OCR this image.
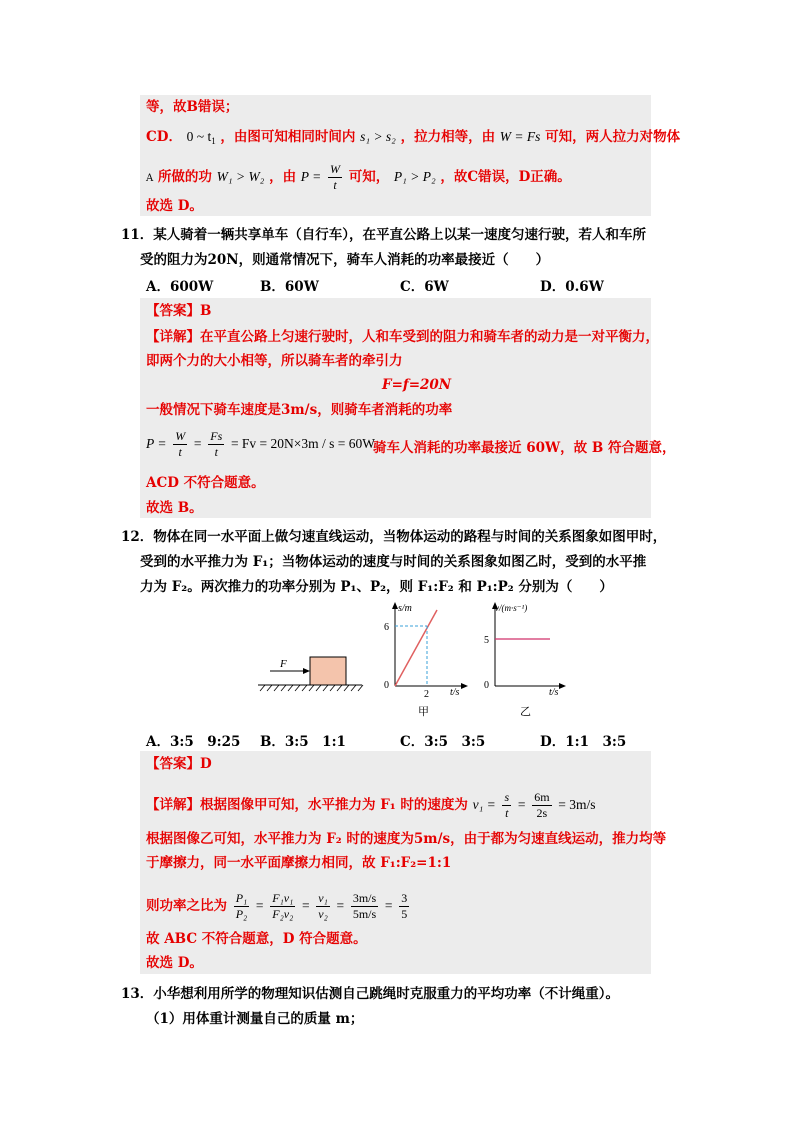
等，故B错误；
CD． 0 ~ $t_1$ ，由图可知相同时间内 s₁ > s₂ ，拉力相等，由 W = Fs 可知，两人拉力对物体
A 所做的功 W₁ > W₂ ，由 $P = \frac{W}{t}$ 可知， P₁ > P₂ ，故C错误，D正确。
故选 D。
11．某人骑着一辆共享单车（自行车），在平直公路上以某一速度匀速行驶，若人和车所
受的阻力为20N，则通常情况下，骑车人消耗的功率最接近（　　）
A．600W	B．60W	C．6W	D．0.6W
【答案】B
【详解】在平直公路上匀速行驶时，人和车受到的阻力和骑车者的动力是一对平衡力，
即两个力的大小相等，所以骑车者的牵引力
F=f=20N
一般情况下骑车速度是3m/s，则骑车者消耗的功率
$P = \frac{W}{t} = \frac{Fs}{t} = Fv = 20N\times 3m / s = 60W$
骑车人消耗的功率最接近 60W，故 B 符合题意，
ACD 不符合题意。
故选 B。
12．物体在同一水平面上做匀速直线运动，当物体运动的路程与时间的关系图象如图甲时，
受到的水平推力为 F₁；当物体运动的速度与时间的关系图象如图乙时，受到的水平推
力为 F₂。两次推力的功率分别为 P₁、P₂，则 F₁:F₂ 和 P₁:P₂ 分别为（　　）
F
s/m
6
0
2 t/s
甲
v/(m·s⁻¹)
5
0
t/s
乙
A．3:5　9:25 B．3:5　1:1	C．3:5　3:5	D．1:1　3:5
【答案】D
【详解】根据图像甲可知，水平推力为 F₁ 时的速度为 $v_1 = \frac{s}{t} = \frac{6m}{2s} = 3m/s$
根据图像乙可知，水平推力为 F₂ 时的速度为5m/s，由于都为匀速直线运动，推力均等
于摩擦力，同一水平面摩擦力相同，故 F₁:F₂=1:1
则功率之比为 $\frac{\text{P₁}}{\text{P₂}} = \frac{\text{F₁v₁}}{\text{F₂v₂}} = \frac{\text{v₁}}{\text{v₂}} = \frac{3m/s}{5m/s} = \frac{3}{5}$
故 ABC 不符合题意，D 符合题意。
故选 D。
13．小华想利用所学的物理知识估测自己跳绳时克服重力的平均功率（不计绳重）。
（1）用体重计测量自己的质量 m；
